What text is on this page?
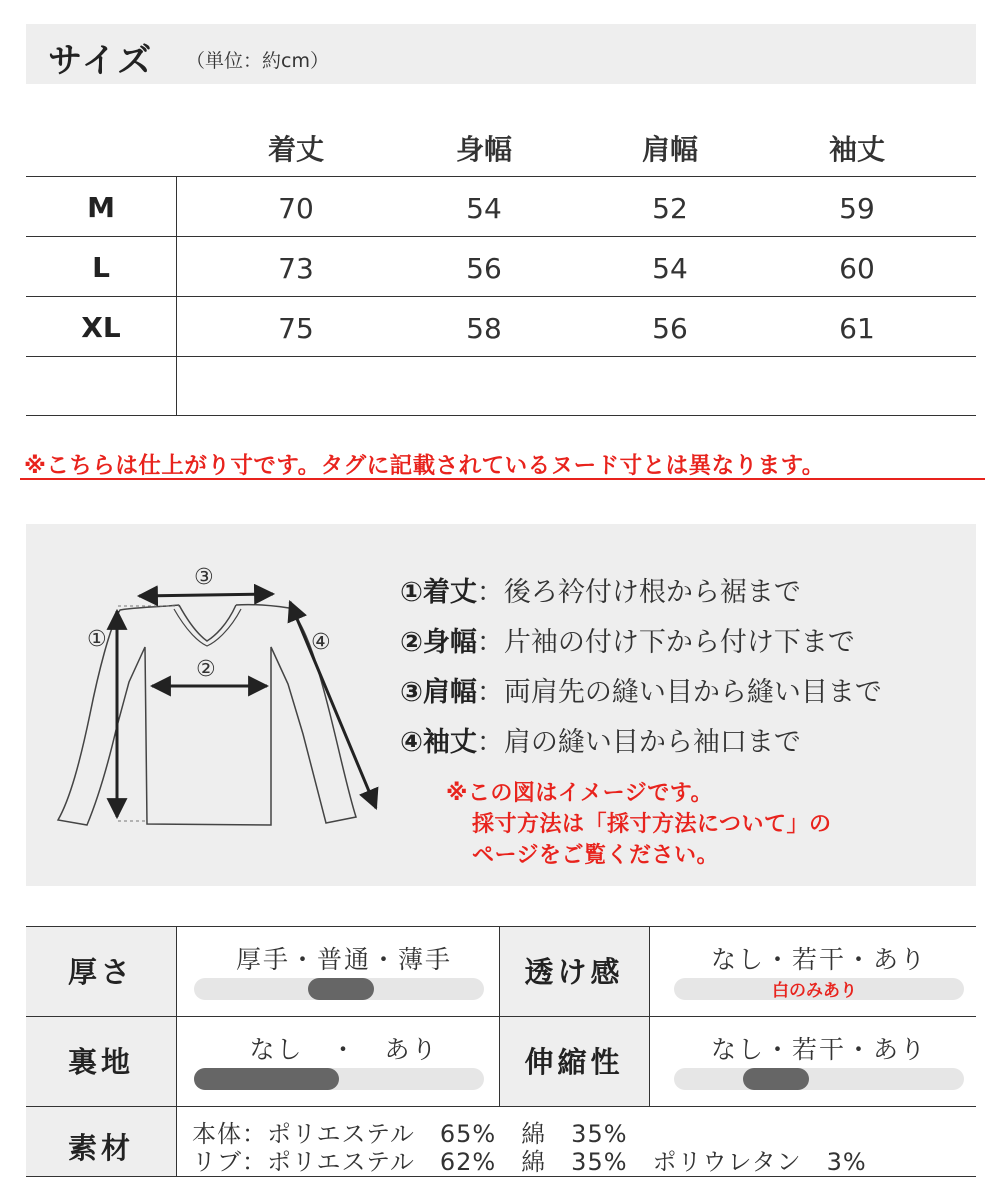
サイズ （単位：約cm）
着丈	身幅	肩幅	袖丈
M	70	54	52	59
L	73	56	54	60
XL	75	58	56	61
※こちらは仕上がり寸です。タグに記載されているヌード寸とは異なります。
③
①
②
④
①着丈：後ろ衿付け根から裾まで
②身幅：片袖の付け下から付け下まで
③肩幅：両肩先の縫い目から縫い目まで
④袖丈：肩の縫い目から袖口まで
※この図はイメージです。
採寸方法は「採寸方法について」の
ページをご覧ください。
厚さ	厚手・普通・薄手	透け感	なし・若干・あり
白のみあり
裏地	なし　・　あり	伸縮性	なし・若干・あり
素材	本体：ポリエステル　65%　綿　35%
リブ：ポリエステル　62%　綿　35%　ポリウレタン　3%
